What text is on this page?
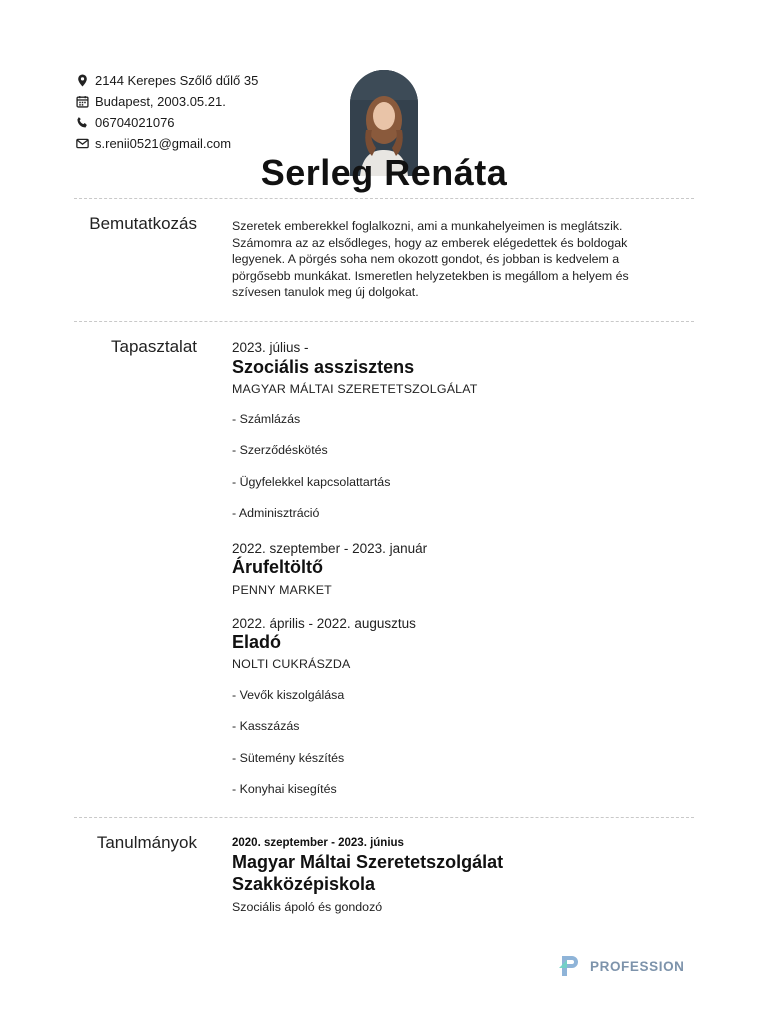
2144 Kerepes Szőlő dűlő 35
Budapest, 2003.05.21.
06704021076
s.renii0521@gmail.com
Serleg Renáta
Bemutatkozás	Szeretek emberekkel foglalkozni, ami a munkahelyeimen is meglátszik. Számomra az az elsődleges, hogy az emberek elégedettek és boldogak legyenek. A pörgés soha nem okozott gondot, és jobban is kedvelem a pörgősebb munkákat. Ismeretlen helyzetekben is megállom a helyem és szívesen tanulok meg új dolgokat.
Tapasztalat	2023. július -
Szociális asszisztens
MAGYAR MÁLTAI SZERETETSZOLGÁLAT
- Számlázás
- Szerződéskötés
- Ügyfelekkel kapcsolattartás
- Adminisztráció
2022. szeptember - 2023. január
Árufeltöltő
PENNY MARKET
2022. április - 2022. augusztus
Eladó
NOLTI CUKRÁSZDA
- Vevők kiszolgálása
- Kasszázás
- Sütemény készítés
- Konyhai kisegítés
Tanulmányok	2020. szeptember - 2023. június
Magyar Máltai Szeretetszolgálat Szakközépiskola
Szociális ápoló és gondozó
PROFESSION
